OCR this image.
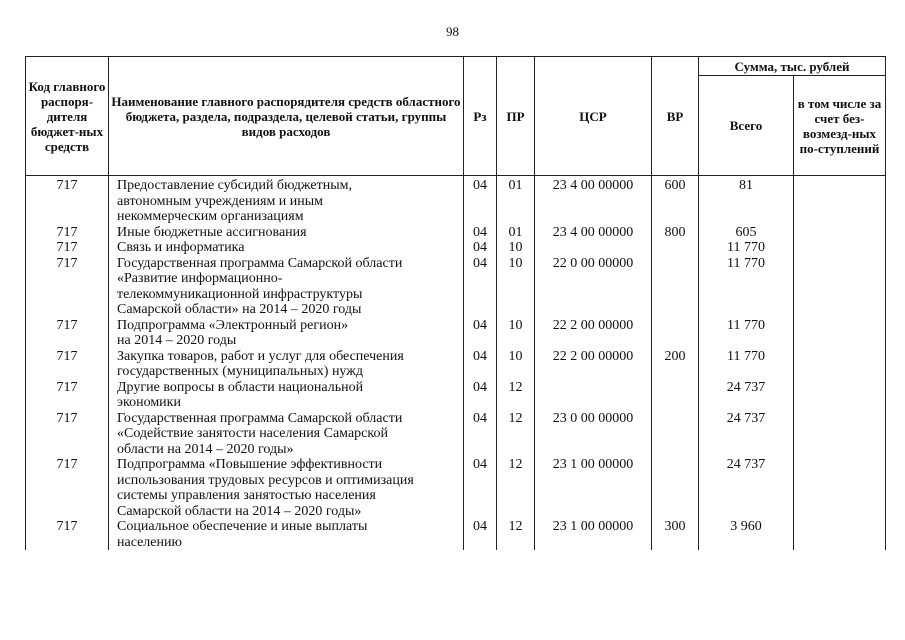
98
Код главного распоря-дителя бюджет-ных средств	Наименование главного распорядителя средств областного бюджета, раздела, подраздела, целевой статьи, группы видов расходов	Рз	ПР	ЦСР	ВР	Сумма, тыс. рублей	
						Всего	в том числе за счет без-возмезд-ных по-ступлений
717	Предоставление субсидий бюджетным,
автономным учреждениям и иным
некоммерческим организациям	04	01	23 4 00 00000	600	81	
717	Иные бюджетные ассигнования	04	01	23 4 00 00000	800	605	
717	Связь и информатика	04	10			11 770	
717	Государственная программа Самарской области
«Развитие информационно-
телекоммуникационной инфраструктуры
Самарской области» на 2014 – 2020 годы	04	10	22 0 00 00000		11 770	
717	Подпрограмма «Электронный регион»
на 2014 – 2020 годы	04	10	22 2 00 00000		11 770	
717	Закупка товаров, работ и услуг для обеспечения
государственных (муниципальных) нужд	04	10	22 2 00 00000	200	11 770	
717	Другие вопросы в области национальной
экономики	04	12			24 737	
717	Государственная программа Самарской области
«Содействие занятости населения Самарской
области на 2014 – 2020 годы»	04	12	23 0 00 00000		24 737	
717	Подпрограмма «Повышение эффективности
использования трудовых ресурсов и оптимизация
системы управления занятостью населения
Самарской области на 2014 – 2020 годы»	04	12	23 1 00 00000		24 737	
717	Социальное обеспечение и иные выплаты
населению	04	12	23 1 00 00000	300	3 960	
